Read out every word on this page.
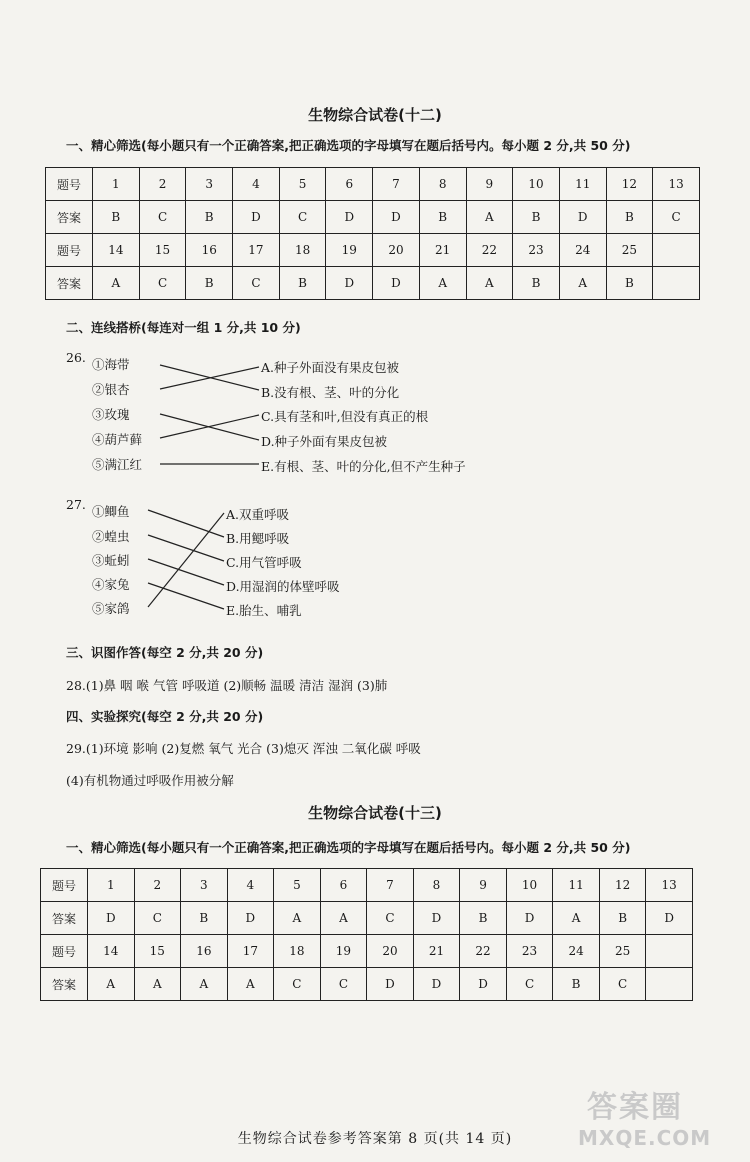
生物综合试卷(十二)
一、精心筛选(每小题只有一个正确答案,把正确选项的字母填写在题后括号内。每小题 2 分,共 50 分)
题号	1	2	3	4	5	6	7	8	9	10	11	12	13
答案	B	C	B	D	C	D	D	B	A	B	D	B	C
题号	14	15	16	17	18	19	20	21	22	23	24	25	
答案	A	C	B	C	B	D	D	A	A	B	A	B	
二、连线搭桥(每连对一组 1 分,共 10 分)
26. ①海带
②银杏
③玫瑰
④葫芦藓
⑤满江红
A.种子外面没有果皮包被
B.没有根、茎、叶的分化
C.具有茎和叶,但没有真正的根
D.种子外面有果皮包被
E.有根、茎、叶的分化,但不产生种子
27. ①鲫鱼
②蝗虫
③蚯蚓
④家兔
⑤家鸽
A.双重呼吸
B.用鳃呼吸
C.用气管呼吸
D.用湿润的体壁呼吸
E.胎生、哺乳
三、识图作答(每空 2 分,共 20 分)
28.(1)鼻 咽 喉 气管 呼吸道 (2)顺畅 温暖 清洁 湿润 (3)肺
四、实验探究(每空 2 分,共 20 分)
29.(1)环境 影响 (2)复燃 氧气 光合 (3)熄灭 浑浊 二氧化碳 呼吸
(4)有机物通过呼吸作用被分解
生物综合试卷(十三)
一、精心筛选(每小题只有一个正确答案,把正确选项的字母填写在题后括号内。每小题 2 分,共 50 分)
题号	1	2	3	4	5	6	7	8	9	10	11	12	13
答案	D	C	B	D	A	A	C	D	B	D	A	B	D
题号	14	15	16	17	18	19	20	21	22	23	24	25	
答案	A	A	A	A	C	C	D	D	D	C	B	C	
生物综合试卷参考答案第 8 页(共 14 页)
答案圈
MXQE.COM
